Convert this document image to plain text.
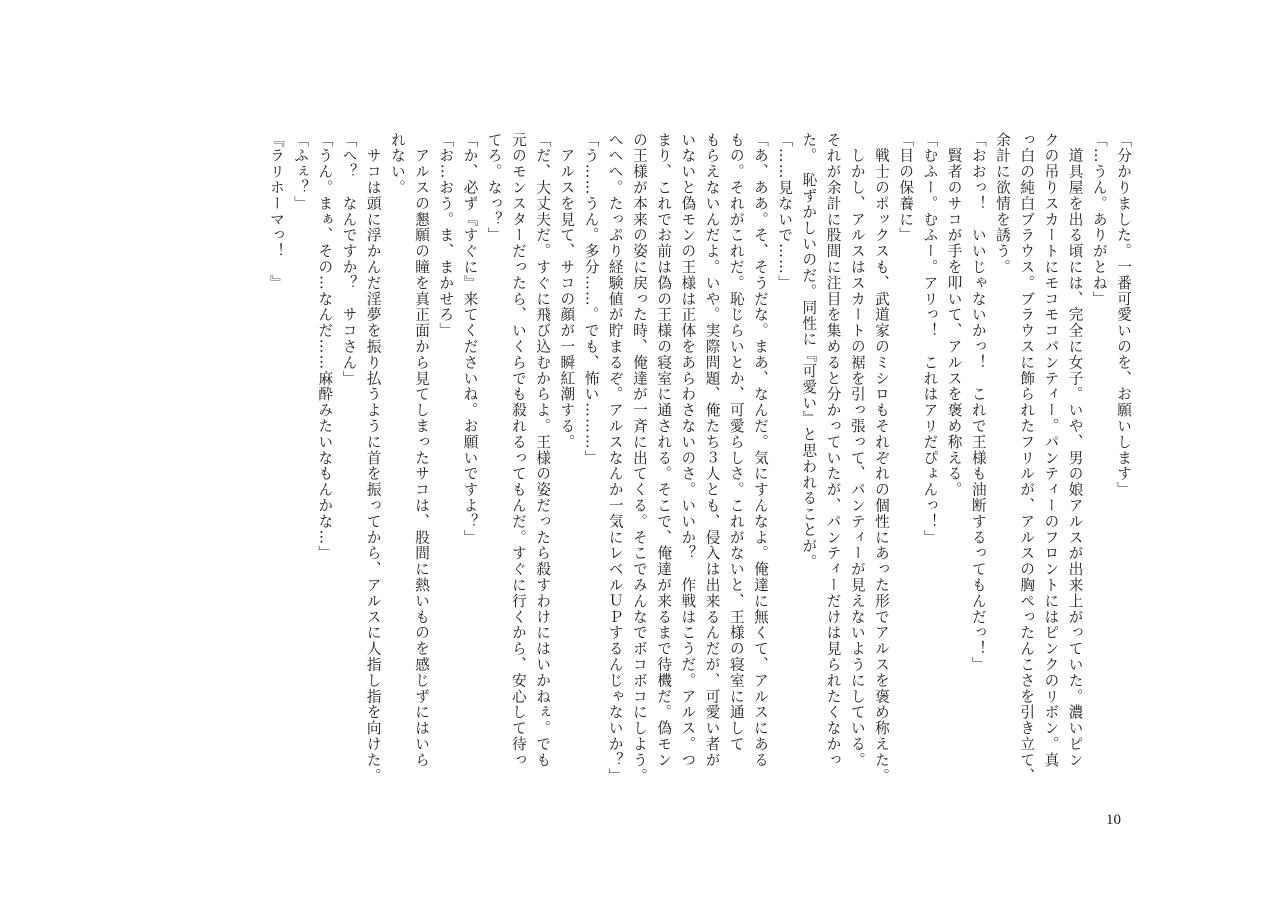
「分かりました。一番可愛いのを、お願いします」

「…うん。ありがとね」

　道具屋を出る頃には、完全に女子。いや、男の娘アルスが出来上がっていた。濃いピン

クの吊りスカートにモコモコパンティー。パンティーのフロントにはピンクのリボン。真

っ白の純白ブラウス。ブラウスに飾られたフリルが、アルスの胸ぺったんこさを引き立て、

余計に欲情を誘う。

「おおっ！　いいじゃないかっ！　これで王様も油断するってもんだっ！」

　賢者のサコが手を叩いて、アルスを褒め称える。

「むふー。むふー。アリっ！　これはアリだぴょんっ！」

「目の保養に」

　戦士のポックスも、武道家のミシロもそれぞれの個性にあった形でアルスを褒め称えた。

　しかし、アルスはスカートの裾を引っ張って、パンティーが見えないようにしている。

それが余計に股間に注目を集めると分かっていたが、パンティーだけは見られたくなかっ

た。　恥ずかしいのだ。同性に『可愛い』と思われることが。

「……見ないで……」

「あ、ああ。そ、そうだな。まあ、なんだ。気にすんなよ。俺達に無くて、アルスにある

もの。それがこれだ。恥じらいとか、可愛らしさ。これがないと、王様の寝室に通して

もらえないんだよ。いや。実際問題、俺たち３人とも、侵入は出来るんだが、可愛い者が

いないと偽モンの王様は正体をあらわさないのさ。いいか？　作戦はこうだ。アルス。つ

まり、これでお前は偽の王様の寝室に通される。そこで、俺達が来るまで待機だ。偽モン

の王様が本来の姿に戻った時、俺達が一斉に出てくる。そこでみんなでボコボコにしよう。

へへへ。たっぷり経験値が貯まるぞ。アルスなんか一気にレベルＵＰするんじゃないか？」

「う……うん。多分……。でも、怖い………」

　アルスを見て、サコの顔が一瞬紅潮する。

「だ、大丈夫だ。すぐに飛び込むからよ。王様の姿だったら殺すわけにはいかねぇ。でも

元のモンスターだったら、いくらでも殺れるってもんだ。すぐに行くから、安心して待っ

てろ。なっ？」

「か、必ず『すぐに』来てくださいね。お願いですよ？」

「お…おう。ま、まかせろ」

　アルスの懇願の瞳を真正面から見てしまったサコは、股間に熱いものを感じずにはいら

れない。

　サコは頭に浮かんだ淫夢を振り払うように首を振ってから、アルスに人指し指を向けた。

「へ？　なんですか？　サコさん」

「うん。まぁ、その…なんだ……麻酔みたいなもんかな…」

「ふぇ？」

『ラリホーマっ！　』

10
